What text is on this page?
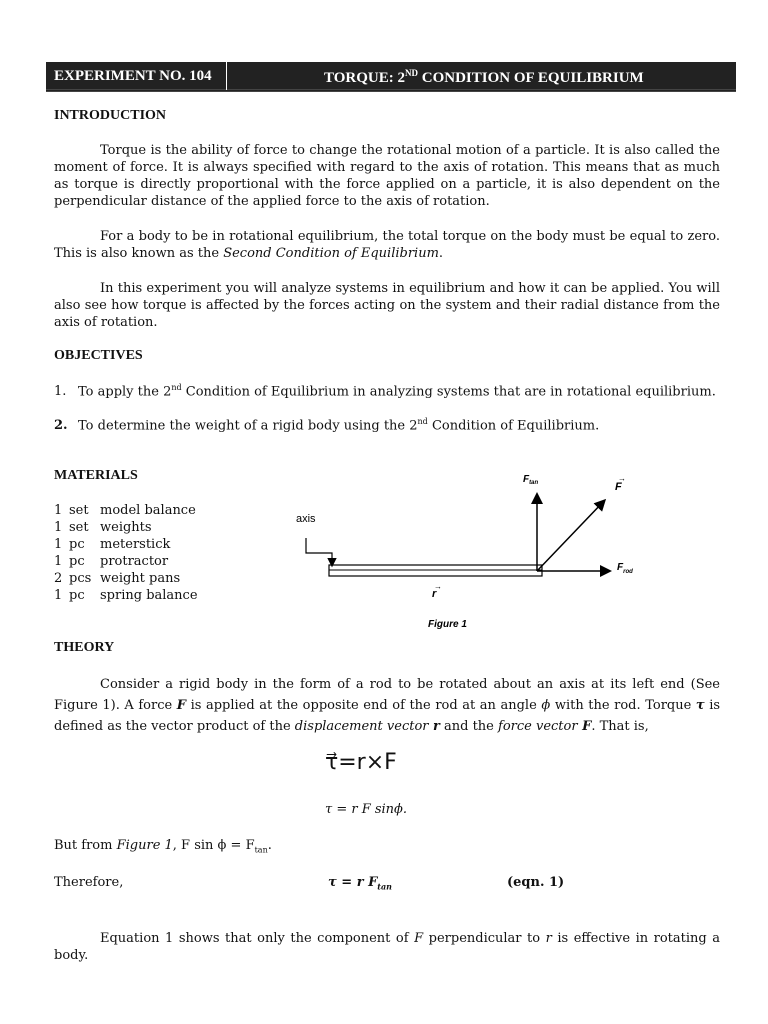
EXPERIMENT NO. 104	TORQUE: 2ND CONDITION OF EQUILIBRIUM
INTRODUCTION
Torque is the ability of force to change the rotational motion of a particle. It is also called the moment of force. It is always specified with regard to the axis of rotation. This means that as much as torque is directly proportional with the force applied on a particle, it is also dependent on the perpendicular distance of the applied force to the axis of rotation.
For a body to be in rotational equilibrium, the total torque on the body must be equal to zero. This is also known as the Second Condition of Equilibrium.
In this experiment you will analyze systems in equilibrium and how it can be applied. You will also see how torque is affected by the forces acting on the system and their radial distance from the axis of rotation.
OBJECTIVES
1. To apply the 2nd Condition of Equilibrium in analyzing systems that are in rotational equilibrium.
2. To determine the weight of a rigid body using the 2nd Condition of Equilibrium.
MATERIALS
1 set model balance
1 set weights
1 pc meterstick
1 pc protractor
2 pcs weight pans
1 pc spring balance
axis
$F_{tan}$	F
→
$F_{rod}$
r
→
Figure 1
THEORY
Consider a rigid body in the form of a rod to be rotated about an axis at its left end (See Figure 1). A force F is applied at the opposite end of the rod at an angle ϕ with the rod. Torque τ is defined as the vector product of the displacement vector r and the force vector F. That is,
τ⃗=r×F
τ = r F sinϕ.
But from Figure 1, F $\sin \phi = F_{tan}$.
Therefore,	τ = r $F_{tan}$	(eqn. 1)
Equation 1 shows that only the component of F perpendicular to r is effective in rotating a body.
